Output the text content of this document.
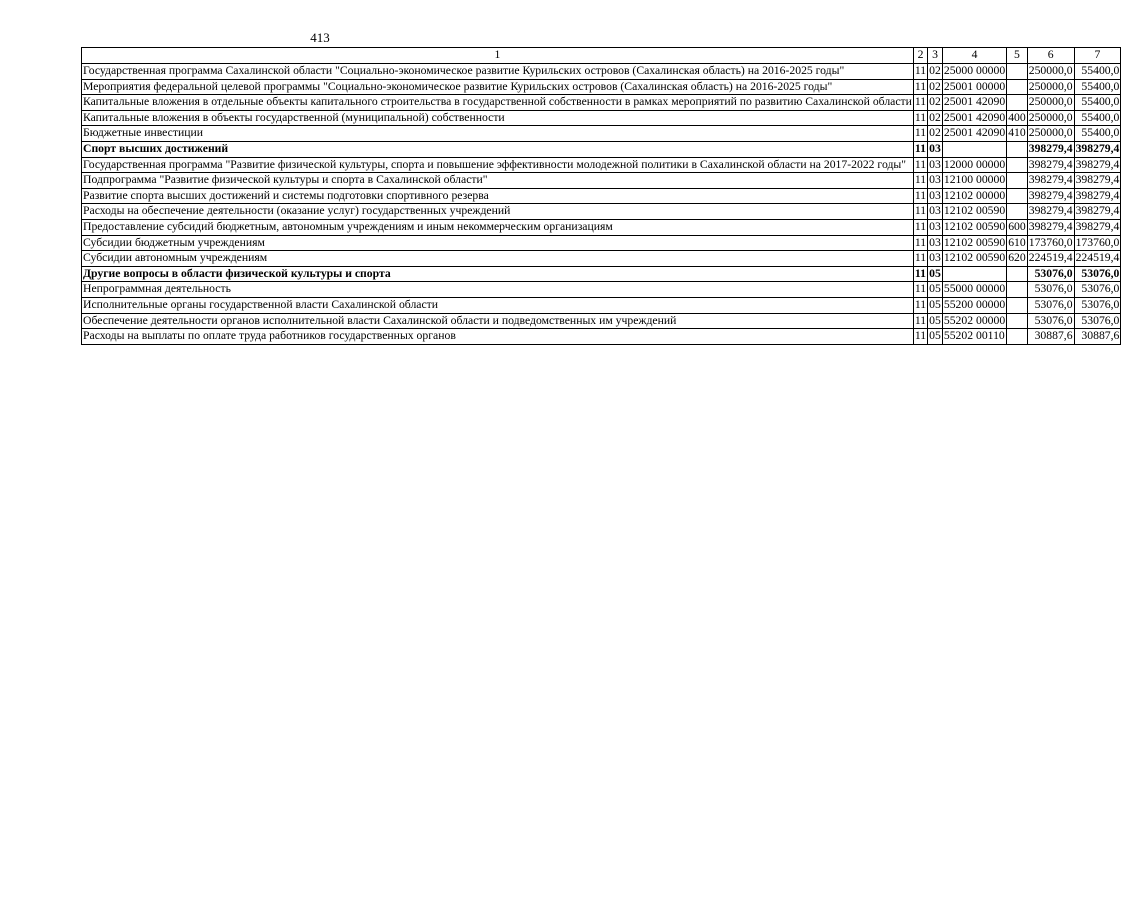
413
1	2	3	4	5	6	7
Государственная программа Сахалинской области "Социально-экономическое развитие Курильских островов (Сахалинская область) на 2016-2025 годы"	11	02	25000 00000		250000,0	55400,0
Мероприятия федеральной целевой программы "Социально-экономическое развитие Курильских островов (Сахалинская область) на 2016-2025 годы"	11	02	25001 00000		250000,0	55400,0
Капитальные вложения в отдельные объекты капитального строительства в государственной собственности в рамках мероприятий по развитию Сахалинской области	11	02	25001 42090		250000,0	55400,0
Капитальные вложения в объекты государственной (муниципальной) собственности	11	02	25001 42090	400	250000,0	55400,0
Бюджетные инвестиции	11	02	25001 42090	410	250000,0	55400,0
Спорт высших достижений	11	03			398279,4	398279,4
Государственная программа "Развитие физической культуры, спорта и повышение эффективности молодежной политики в Сахалинской области на 2017-2022 годы"	11	03	12000 00000		398279,4	398279,4
Подпрограмма "Развитие физической культуры и спорта в Сахалинской области"	11	03	12100 00000		398279,4	398279,4
Развитие спорта высших достижений и системы подготовки спортивного резерва	11	03	12102 00000		398279,4	398279,4
Расходы на обеспечение деятельности (оказание услуг) государственных учреждений	11	03	12102 00590		398279,4	398279,4
Предоставление субсидий бюджетным, автономным учреждениям и иным некоммерческим организациям	11	03	12102 00590	600	398279,4	398279,4
Субсидии бюджетным учреждениям	11	03	12102 00590	610	173760,0	173760,0
Субсидии автономным учреждениям	11	03	12102 00590	620	224519,4	224519,4
Другие вопросы в области физической культуры и спорта	11	05			53076,0	53076,0
Непрограммная деятельность	11	05	55000 00000		53076,0	53076,0
Исполнительные органы государственной власти Сахалинской области	11	05	55200 00000		53076,0	53076,0
Обеспечение деятельности органов исполнительной власти Сахалинской области и подведомственных им учреждений	11	05	55202 00000		53076,0	53076,0
Расходы на выплаты по оплате труда работников государственных органов	11	05	55202 00110		30887,6	30887,6
